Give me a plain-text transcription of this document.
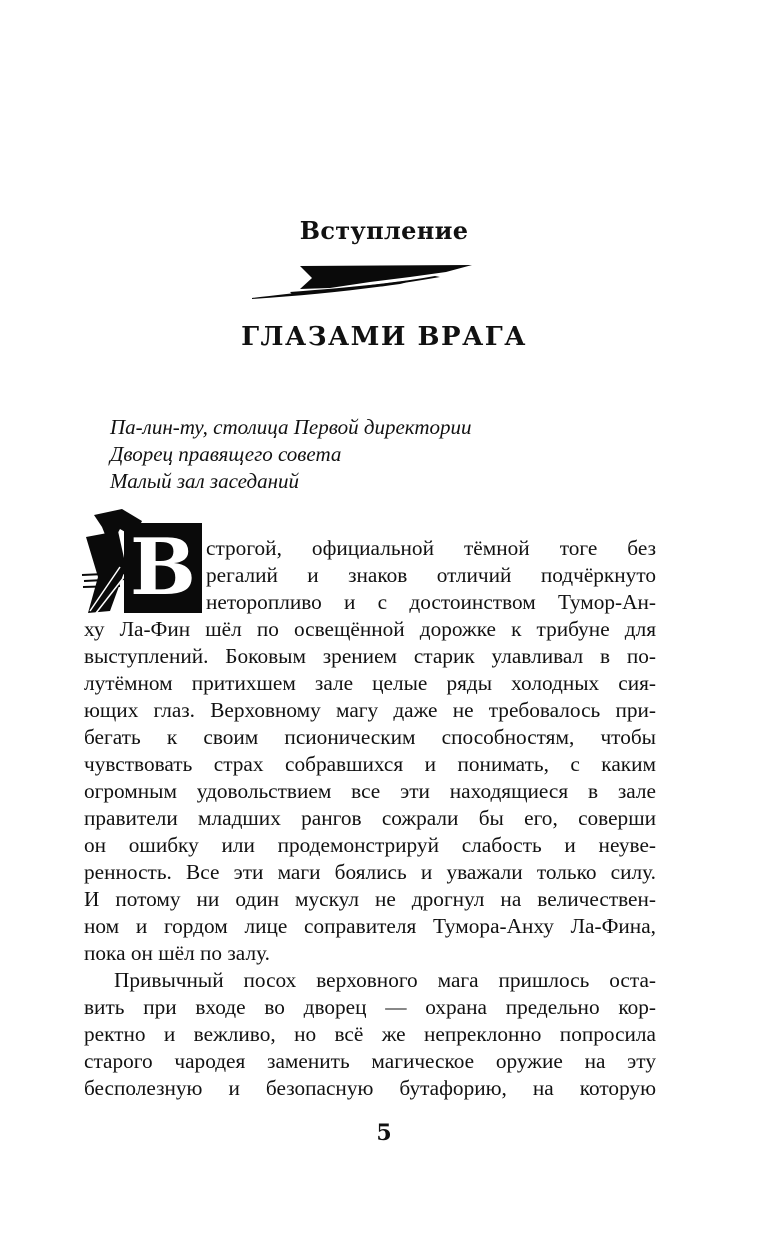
Вступление
ГЛАЗАМИ ВРАГА
Па-лин-ту, столица Первой директории
Дворец правящего совета
Малый зал заседаний
В строгой, официальной тёмной тоге без
регалий и знаков отличий подчёркнуто
неторопливо и с достоинством Тумор-Ан-
ху Ла-Фин шёл по освещённой дорожке к трибуне для
выступлений. Боковым зрением старик улавливал в по-
лутёмном притихшем зале целые ряды холодных сия-
ющих глаз. Верховному магу даже не требовалось при-
бегать к своим псионическим способностям, чтобы
чувствовать страх собравшихся и понимать, с каким
огромным удовольствием все эти находящиеся в зале
правители младших рангов сожрали бы его, соверши
он ошибку или продемонстрируй слабость и неуве-
ренность. Все эти маги боялись и уважали только силу.
И потому ни один мускул не дрогнул на величествен-
ном и гордом лице соправителя Тумора-Анху Ла-Фина,
пока он шёл по залу.
Привычный посох верховного мага пришлось оста-
вить при входе во дворец — охрана предельно кор-
ректно и вежливо, но всё же непреклонно попросила
старого чародея заменить магическое оружие на эту
бесполезную и безопасную бутафорию, на которую
5
